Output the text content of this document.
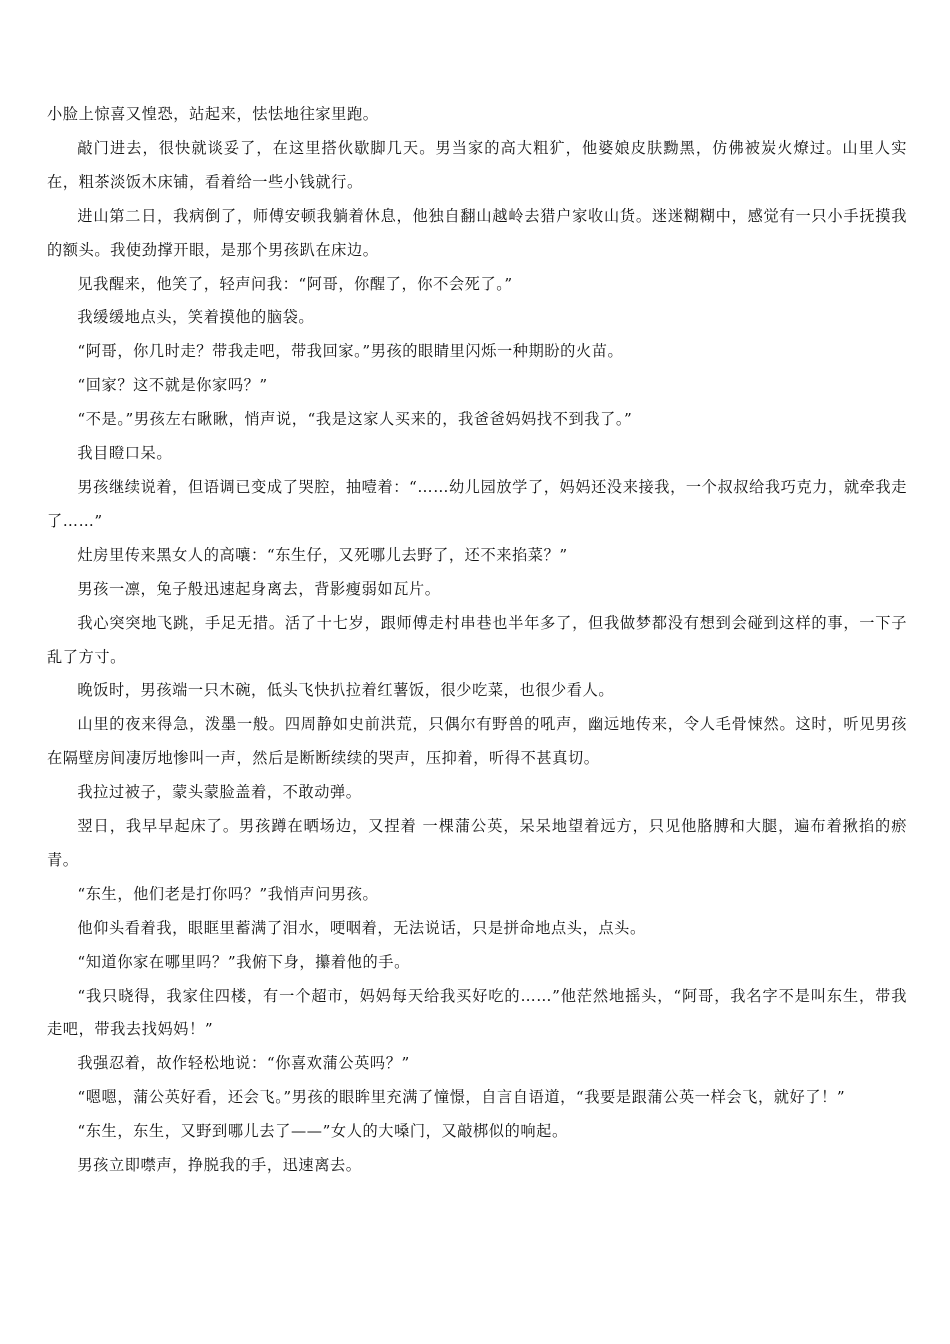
小脸上惊喜又惶恐，站起来，怯怯地往家里跑。

敲门进去，很快就谈妥了，在这里搭伙歇脚几天。男当家的高大粗犷，他婆娘皮肤黝黑，仿佛被炭火燎过。山里人实在，粗茶淡饭木床铺，看着给一些小钱就行。

进山第二日，我病倒了，师傅安顿我躺着休息，他独自翻山越岭去猎户家收山货。迷迷糊糊中，感觉有一只小手抚摸我的额头。我使劲撑开眼，是那个男孩趴在床边。

见我醒来，他笑了，轻声问我：“阿哥，你醒了，你不会死了。”

我缓缓地点头，笑着摸他的脑袋。

“阿哥，你几时走？带我走吧，带我回家。”男孩的眼睛里闪烁一种期盼的火苗。

“回家？这不就是你家吗？”

“不是。”男孩左右瞅瞅，悄声说，“我是这家人买来的，我爸爸妈妈找不到我了。”

我目瞪口呆。

男孩继续说着，但语调已变成了哭腔，抽噎着：“……幼儿园放学了，妈妈还没来接我，一个叔叔给我巧克力，就牵我走了……”

灶房里传来黑女人的高嚷：“东生仔，又死哪儿去野了，还不来掐菜？”

男孩一凛，兔子般迅速起身离去，背影瘦弱如瓦片。

我心突突地飞跳，手足无措。活了十七岁，跟师傅走村串巷也半年多了，但我做梦都没有想到会碰到这样的事，一下子乱了方寸。

晚饭时，男孩端一只木碗，低头飞快扒拉着红薯饭，很少吃菜，也很少看人。

山里的夜来得急，泼墨一般。四周静如史前洪荒，只偶尔有野兽的吼声，幽远地传来，令人毛骨悚然。这时，听见男孩在隔壁房间凄厉地惨叫一声，然后是断断续续的哭声，压抑着，听得不甚真切。

我拉过被子，蒙头蒙脸盖着，不敢动弹。

翌日，我早早起床了。男孩蹲在晒场边，又捏着 一棵蒲公英，呆呆地望着远方，只见他胳膊和大腿，遍布着揪掐的瘀青。

“东生，他们老是打你吗？”我悄声问男孩。

他仰头看着我，眼眶里蓄满了泪水，哽咽着，无法说话，只是拼命地点头，点头。

“知道你家在哪里吗？”我俯下身，攥着他的手。

“我只晓得，我家住四楼，有一个超市，妈妈每天给我买好吃的……”他茫然地摇头，“阿哥，我名字不是叫东生，带我走吧，带我去找妈妈！”

我强忍着，故作轻松地说：“你喜欢蒲公英吗？”

“嗯嗯，蒲公英好看，还会飞。”男孩的眼眸里充满了憧憬，自言自语道，“我要是跟蒲公英一样会飞，就好了！”

“东生，东生，又野到哪儿去了——”女人的大嗓门，又敲梆似的响起。

男孩立即噤声，挣脱我的手，迅速离去。
